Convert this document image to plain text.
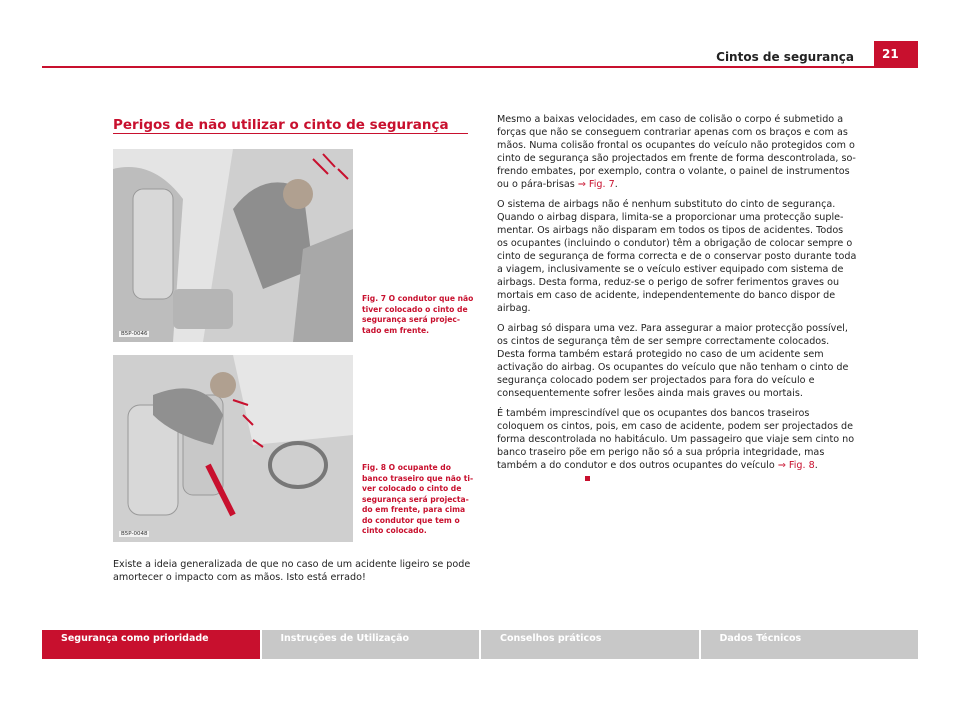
Cintos de segurança	21
Perigos de não utilizar o cinto de segurança
B5P-0046
Fig. 7 O condutor que não tiver colocado o cinto de segurança será projectado em frente.
B5P-0048
Fig. 8 O ocupante do banco traseiro que não tiver colocado o cinto de segurança será projectado em frente, para cima do condutor que tem o cinto colocado.
Existe a ideia generalizada de que no caso de um acidente ligeiro se pode amortecer o impacto com as mãos. Isto está errado!

Mesmo a baixas velocidades, em caso de colisão o corpo é submetido a forças que não se conseguem contrariar apenas com os braços e com as mãos. Numa colisão frontal os ocupantes do veículo não protegidos com o cinto de segurança são projectados em frente de forma descontrolada, sofrendo embates, por exemplo, contra o volante, o painel de instrumentos ou o pára-brisas ⇒ Fig. 7.

O sistema de airbags não é nenhum substituto do cinto de segurança. Quando o airbag dispara, limita-se a proporcionar uma protecção suplementar. Os airbags não disparam em todos os tipos de acidentes. Todos os ocupantes (incluindo o condutor) têm a obrigação de colocar sempre o cinto de segurança de forma correcta e de o conservar posto durante toda a viagem, inclusivamente se o veículo estiver equipado com sistema de airbags. Desta forma, reduz-se o perigo de sofrer ferimentos graves ou mortais em caso de acidente, independentemente do banco dispor de airbag.

O airbag só dispara uma vez. Para assegurar a maior protecção possível, os cintos de segurança têm de ser sempre correctamente colocados. Desta forma também estará protegido no caso de um acidente sem activação do airbag. Os ocupantes do veículo que não tenham o cinto de segurança colocado podem ser projectados para fora do veículo e consequentemente sofrer lesões ainda mais graves ou mortais.

É também imprescindível que os ocupantes dos bancos traseiros coloquem os cintos, pois, em caso de acidente, podem ser projectados de forma descontrolada no habitáculo. Um passageiro que viaje sem cinto no banco traseiro põe em perigo não só a sua própria integridade, mas também a do condutor e dos outros ocupantes do veículo ⇒ Fig. 8.

Segurança como prioridade	Instruções de Utilização	Conselhos práticos	Dados Técnicos
